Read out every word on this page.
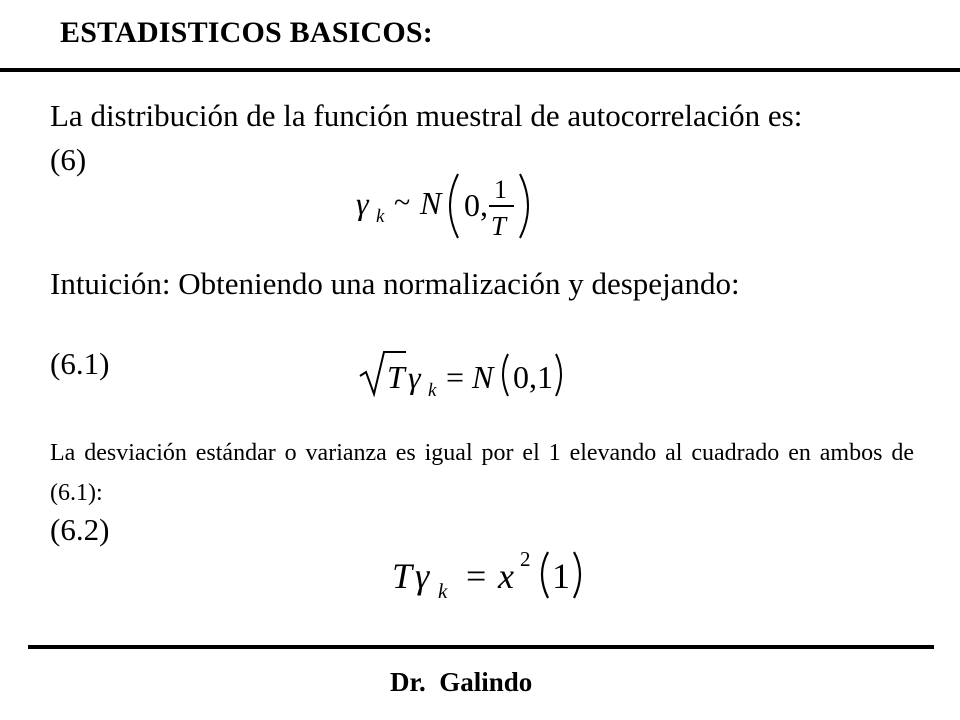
ESTADISTICOS BASICOS:
La distribución de la función muestral de autocorrelación es:
(6)
γ k ~ N 0, 1
T
Intuición: Obteniendo una normalización y despejando:
(6.1)	T γ k = N 0,1
La desviación estándar o varianza es igual por el 1 elevando al cuadrado en ambos de (6.1):
(6.2)
T γ k = x 2 1
Dr.  Galindo
